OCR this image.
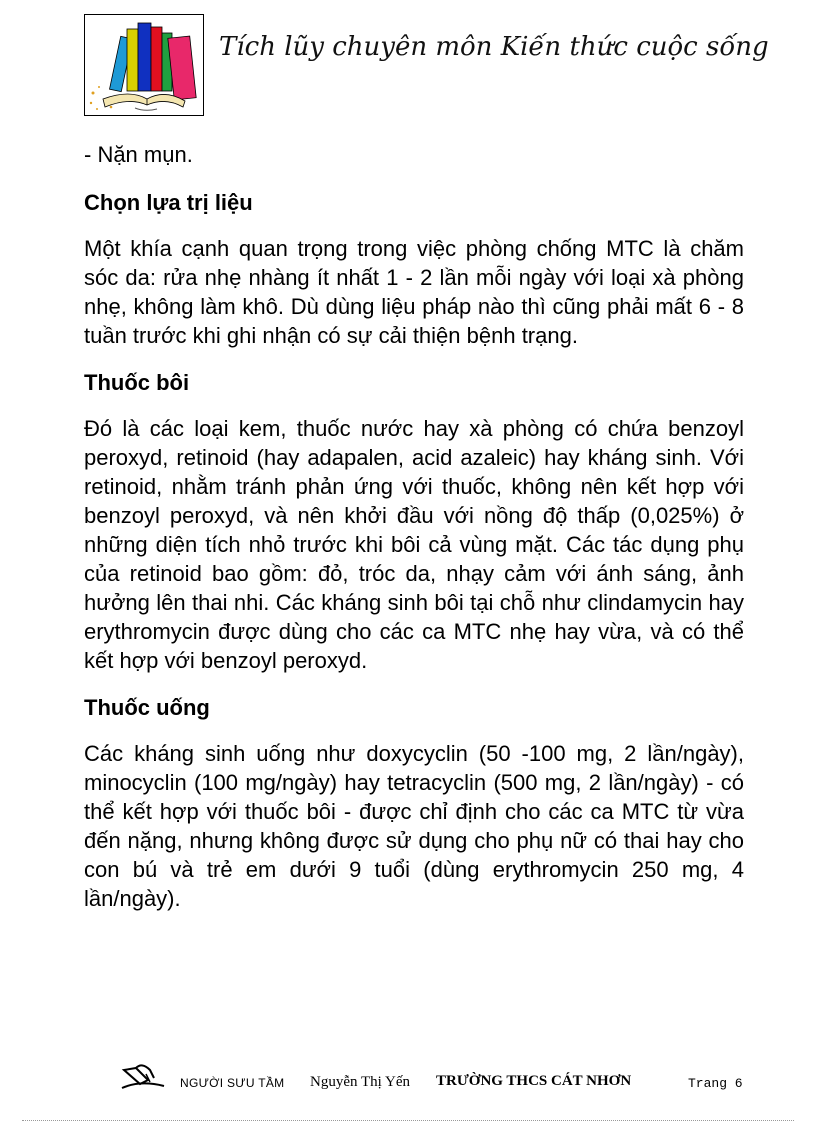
Tích lũy chuyên môn Kiến thức cuộc sống

- Nặn mụn.

Chọn lựa trị liệu

Một khía cạnh quan trọng trong việc phòng chống MTC là chăm sóc da: rửa nhẹ nhàng ít nhất 1 - 2 lần mỗi ngày với loại xà phòng nhẹ, không làm khô. Dù dùng liệu pháp nào thì cũng phải mất 6 - 8 tuần trước khi ghi nhận có sự cải thiện bệnh trạng.

Thuốc bôi

Đó là các loại kem, thuốc nước hay xà phòng có chứa benzoyl peroxyd, retinoid (hay adapalen, acid azaleic) hay kháng sinh. Với retinoid, nhằm tránh phản ứng với thuốc, không nên kết hợp với benzoyl peroxyd, và nên khởi đầu với nồng độ thấp (0,025%) ở những diện tích nhỏ trước khi bôi cả vùng mặt. Các tác dụng phụ của retinoid bao gồm: đỏ, tróc da, nhạy cảm với ánh sáng, ảnh hưởng lên thai nhi. Các kháng sinh bôi tại chỗ như clindamycin hay erythromycin được dùng cho các ca MTC nhẹ hay vừa, và có thể kết hợp với benzoyl peroxyd.

Thuốc uống

Các kháng sinh uống như doxycyclin (50 -100 mg, 2 lần/ngày), minocyclin (100 mg/ngày) hay tetracyclin (500 mg, 2 lần/ngày) - có thể kết hợp với thuốc bôi - được chỉ định cho các ca MTC từ vừa đến nặng, nhưng không được sử dụng cho phụ nữ có thai hay cho con bú và trẻ em dưới 9 tuổi (dùng erythromycin 250 mg, 4 lần/ngày).

NGƯỜI SƯU TẦM Nguyễn Thị Yến TRƯỜNG THCS CÁT NHƠN	Trang 6
